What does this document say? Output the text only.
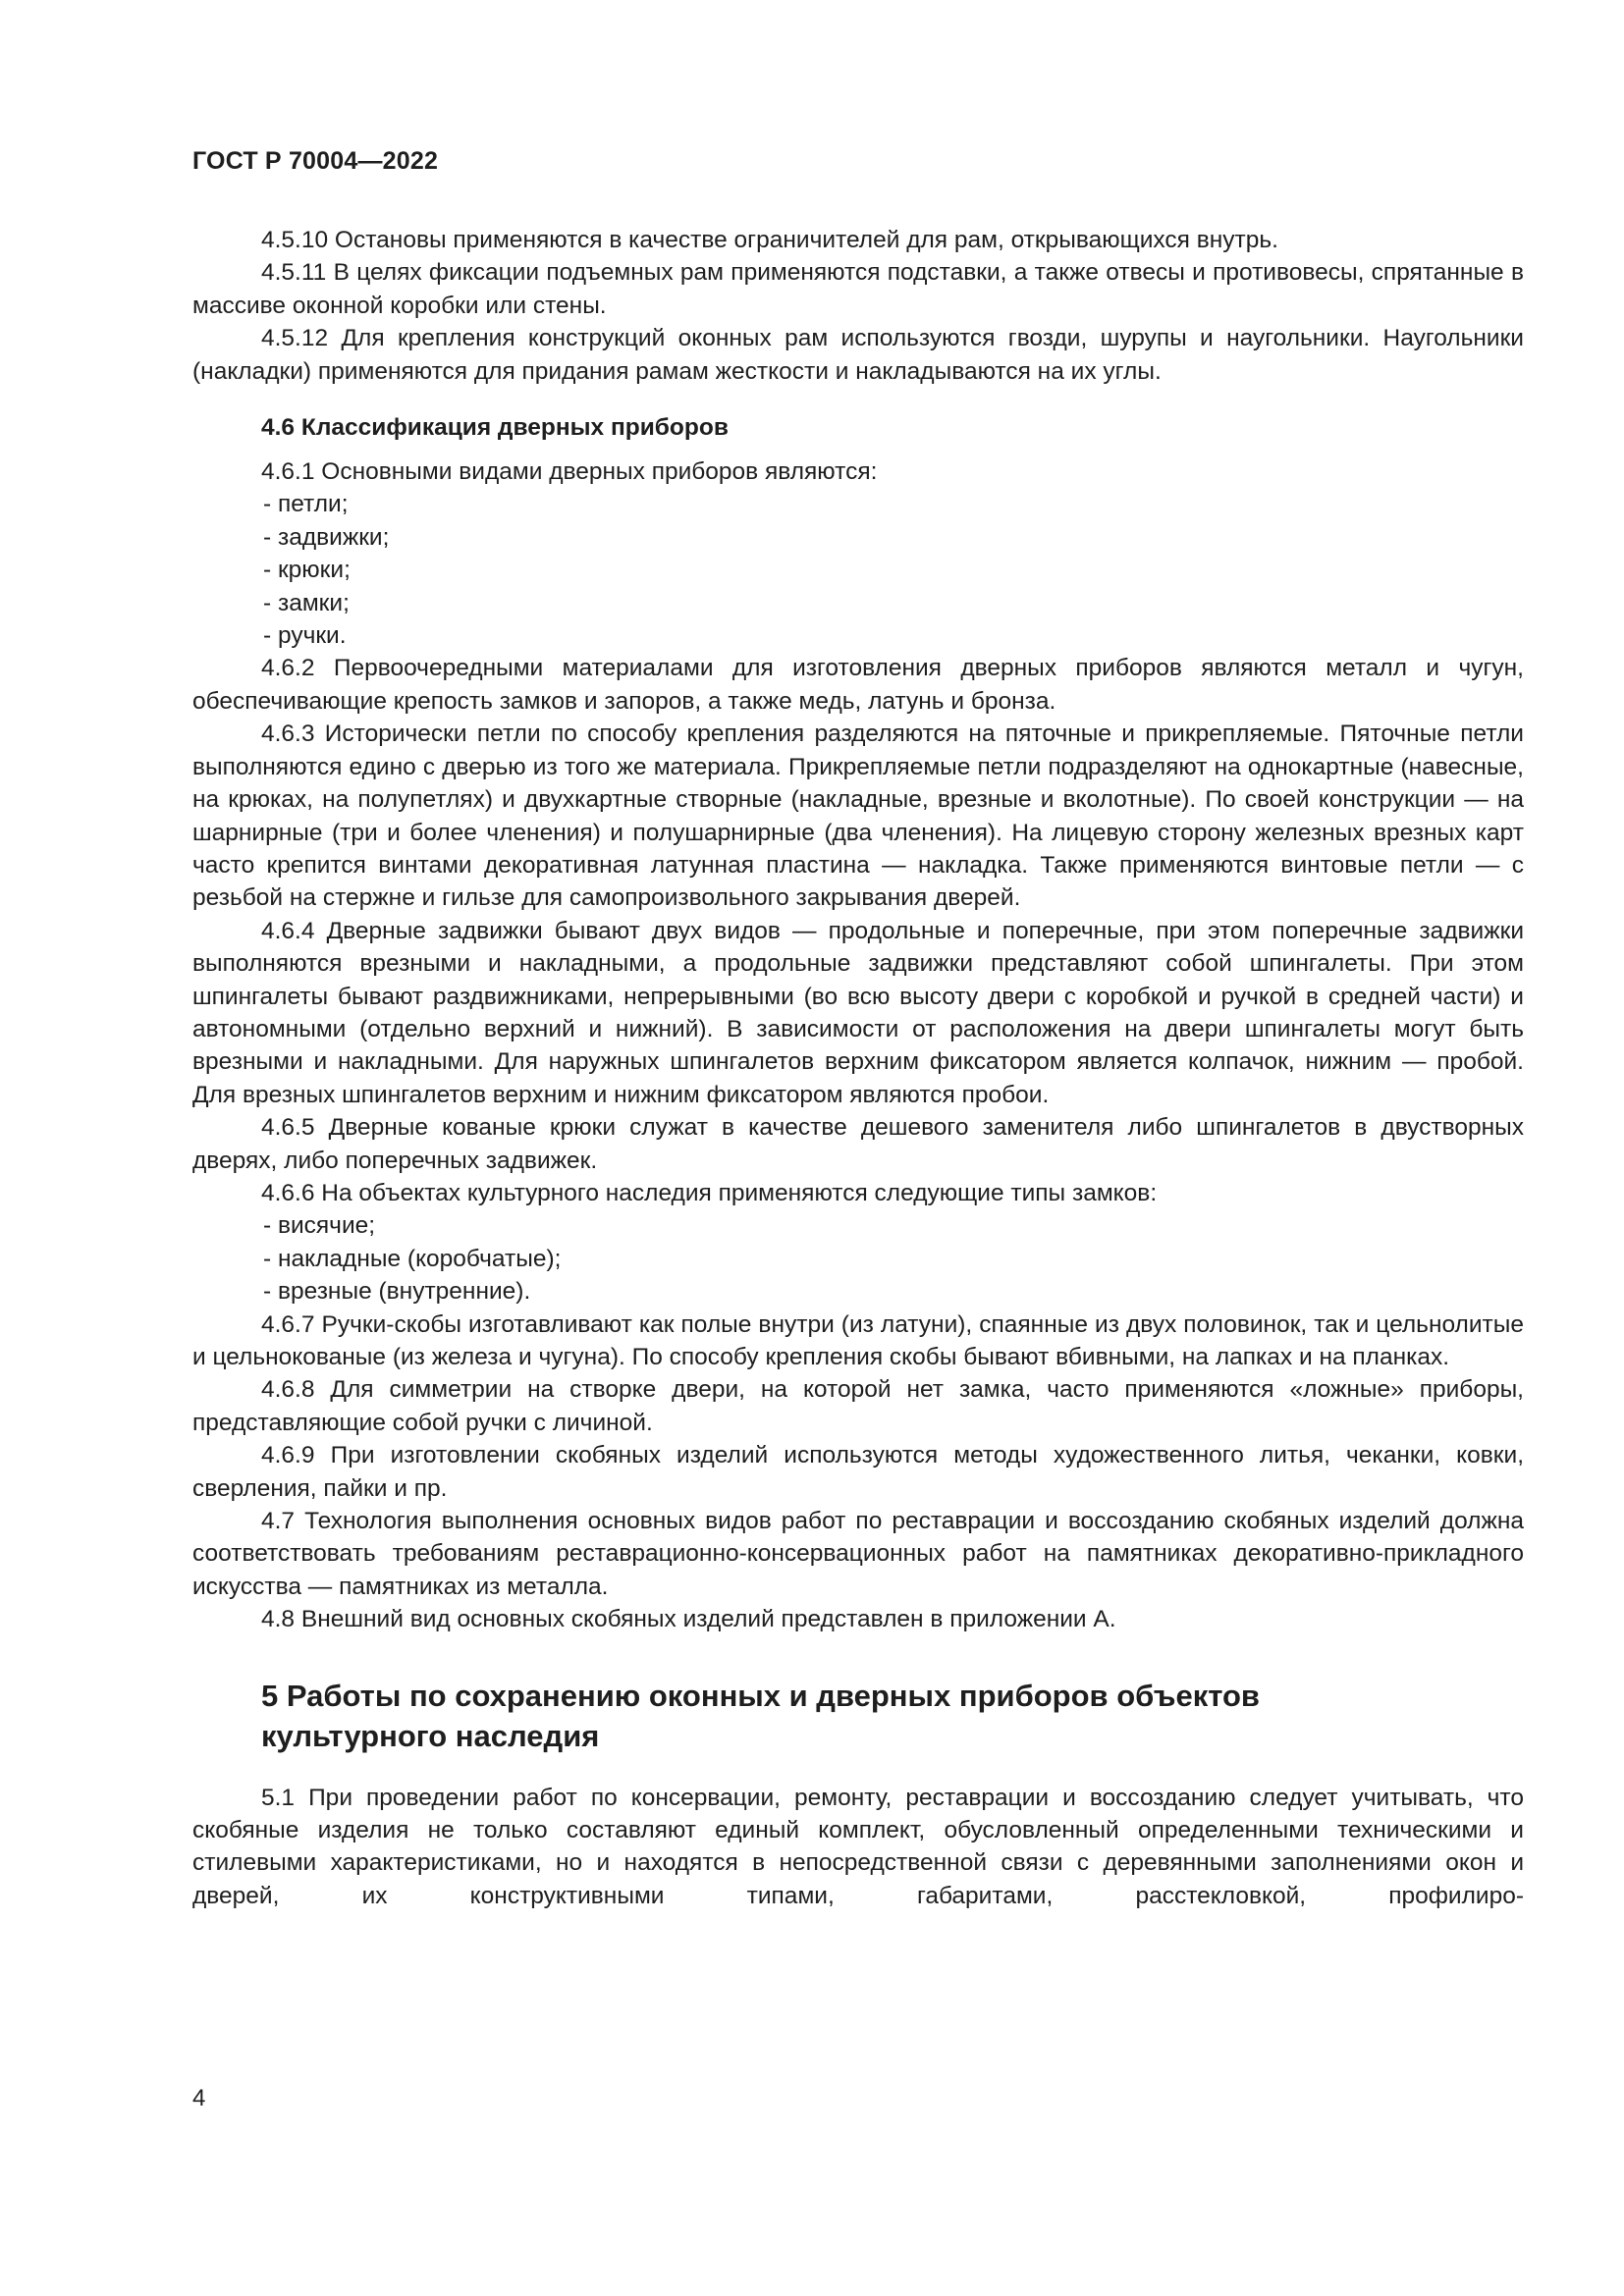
ГОСТ Р 70004—2022

4.5.10 Остановы применяются в качестве ограничителей для рам, открывающихся внутрь.

4.5.11 В целях фиксации подъемных рам применяются подставки, а также отвесы и противовесы, спрятанные в массиве оконной коробки или стены.

4.5.12 Для крепления конструкций оконных рам используются гвозди, шурупы и наугольники. Наугольники (накладки) применяются для придания рамам жесткости и накладываются на их углы.

4.6 Классификация дверных приборов

4.6.1 Основными видами дверных приборов являются:

- петли;
- задвижки;
- крюки;
- замки;
- ручки.

4.6.2 Первоочередными материалами для изготовления дверных приборов являются металл и чугун, обеспечивающие крепость замков и запоров, а также медь, латунь и бронза.

4.6.3 Исторически петли по способу крепления разделяются на пяточные и прикрепляемые. Пяточные петли выполняются едино с дверью из того же материала. Прикрепляемые петли подразделяют на однокартные (навесные, на крюках, на полупетлях) и двухкартные створные (накладные, врезные и вколотные). По своей конструкции — на шарнирные (три и более членения) и полушарнирные (два членения). На лицевую сторону железных врезных карт часто крепится винтами декоративная латунная пластина — накладка. Также применяются винтовые петли — с резьбой на стержне и гильзе для самопроизвольного закрывания дверей.

4.6.4 Дверные задвижки бывают двух видов — продольные и поперечные, при этом поперечные задвижки выполняются врезными и накладными, а продольные задвижки представляют собой шпингалеты. При этом шпингалеты бывают раздвижниками, непрерывными (во всю высоту двери с коробкой и ручкой в средней части) и автономными (отдельно верхний и нижний). В зависимости от расположения на двери шпингалеты могут быть врезными и накладными. Для наружных шпингалетов верхним фиксатором является колпачок, нижним — пробой. Для врезных шпингалетов верхним и нижним фиксатором являются пробои.

4.6.5 Дверные кованые крюки служат в качестве дешевого заменителя либо шпингалетов в двустворных дверях, либо поперечных задвижек.

4.6.6 На объектах культурного наследия применяются следующие типы замков:

- висячие;
- накладные (коробчатые);
- врезные (внутренние).

4.6.7 Ручки-скобы изготавливают как полые внутри (из латуни), спаянные из двух половинок, так и цельнолитые и цельнокованые (из железа и чугуна). По способу крепления скобы бывают вбивными, на лапках и на планках.

4.6.8 Для симметрии на створке двери, на которой нет замка, часто применяются «ложные» приборы, представляющие собой ручки с личиной.

4.6.9 При изготовлении скобяных изделий используются методы художественного литья, чеканки, ковки, сверления, пайки и пр.

4.7 Технология выполнения основных видов работ по реставрации и воссозданию скобяных изделий должна соответствовать требованиям реставрационно-консервационных работ на памятниках декоративно-прикладного искусства — памятниках из металла.

4.8 Внешний вид основных скобяных изделий представлен в приложении А.

5 Работы по сохранению оконных и дверных приборов объектов
культурного наследия

5.1 При проведении работ по консервации, ремонту, реставрации и воссозданию следует учитывать, что скобяные изделия не только составляют единый комплект, обусловленный определенными техническими и стилевыми характеристиками, но и находятся в непосредственной связи с деревянными заполнениями окон и дверей, их конструктивными типами, габаритами, расстекловкой, профилиро-

4
